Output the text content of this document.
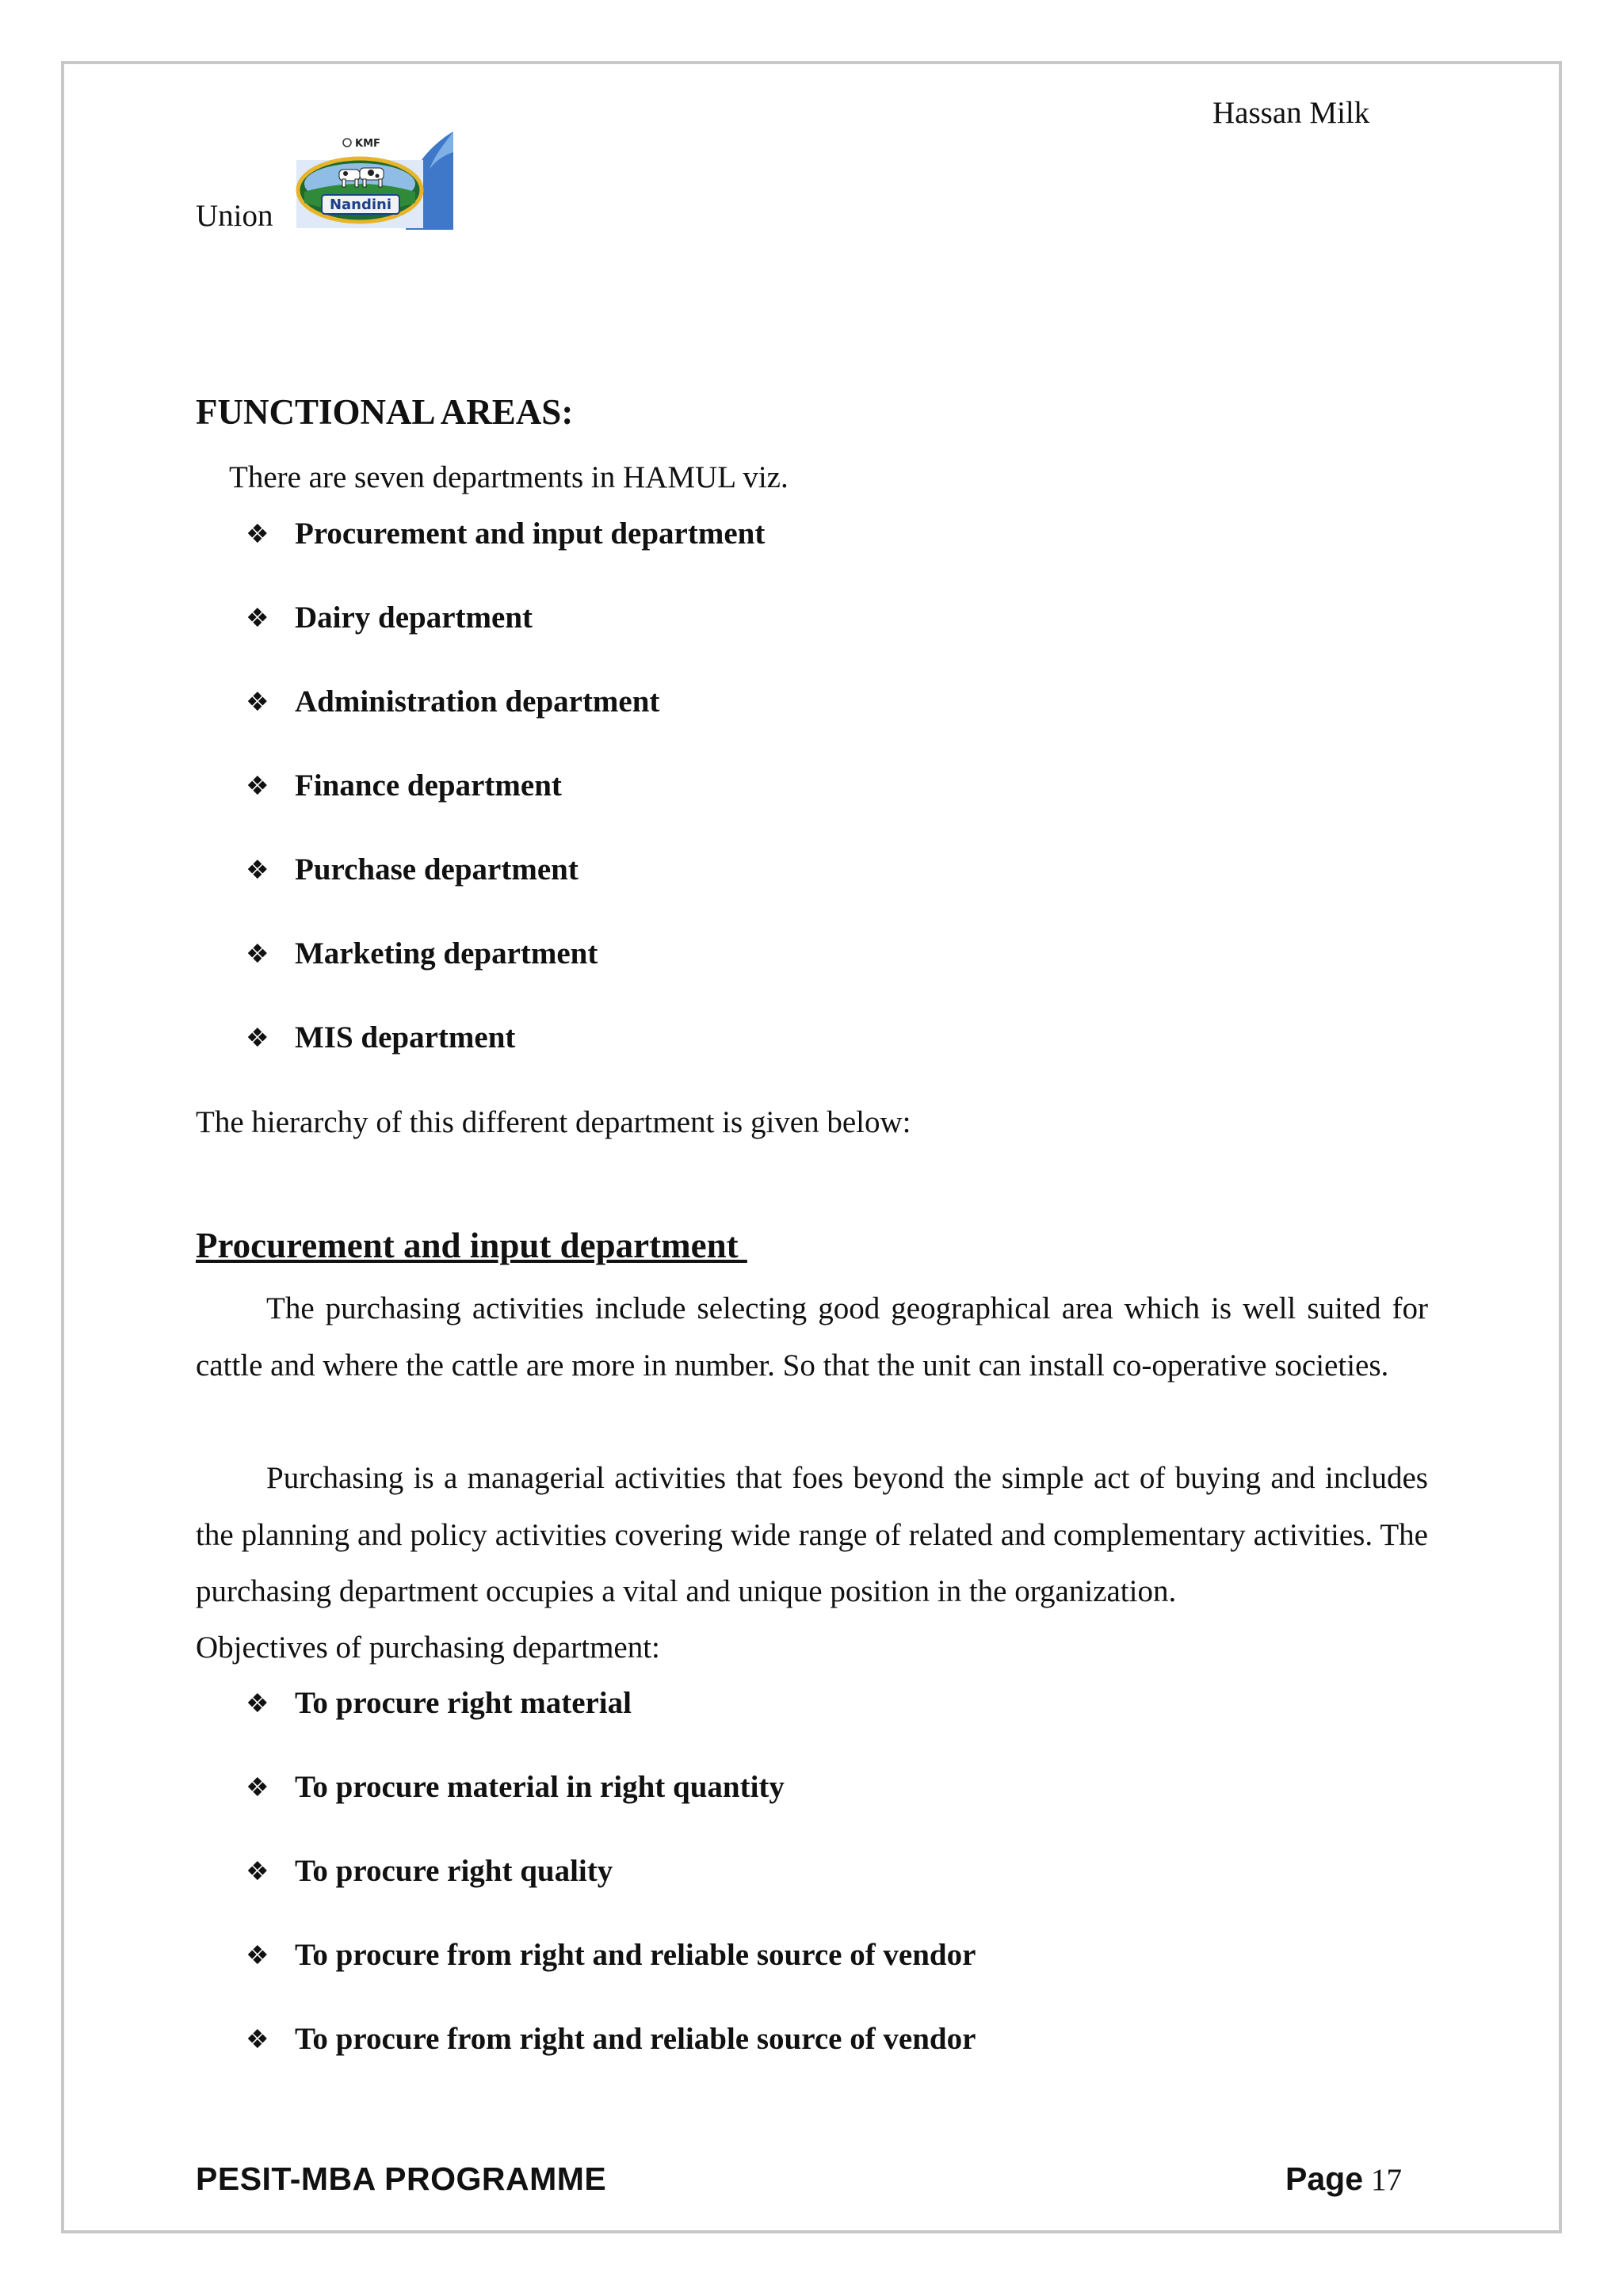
Hassan Milk
Union
KMF
Nandini
FUNCTIONAL AREAS:
There are seven departments in HAMUL viz.
❖ Procurement and input department
❖ Dairy department
❖ Administration department
❖ Finance department
❖ Purchase department
❖ Marketing department
❖ MIS department
The hierarchy of this different department is given below:
Procurement and input department

The purchasing activities include selecting good geographical area which is well suited for cattle and where the cattle are more in number. So that the unit can install co-operative societies.

Purchasing is a managerial activities that foes beyond the simple act of buying and includes the planning and policy activities covering wide range of related and complementary activities. The purchasing department occupies a vital and unique position in the organization.

Objectives of purchasing department:
❖ To procure right material
❖ To procure material in right quantity
❖ To procure right quality
❖ To procure from right and reliable source of vendor
❖ To procure from right and reliable source of vendor
PESIT-MBA PROGRAMME	Page 17
